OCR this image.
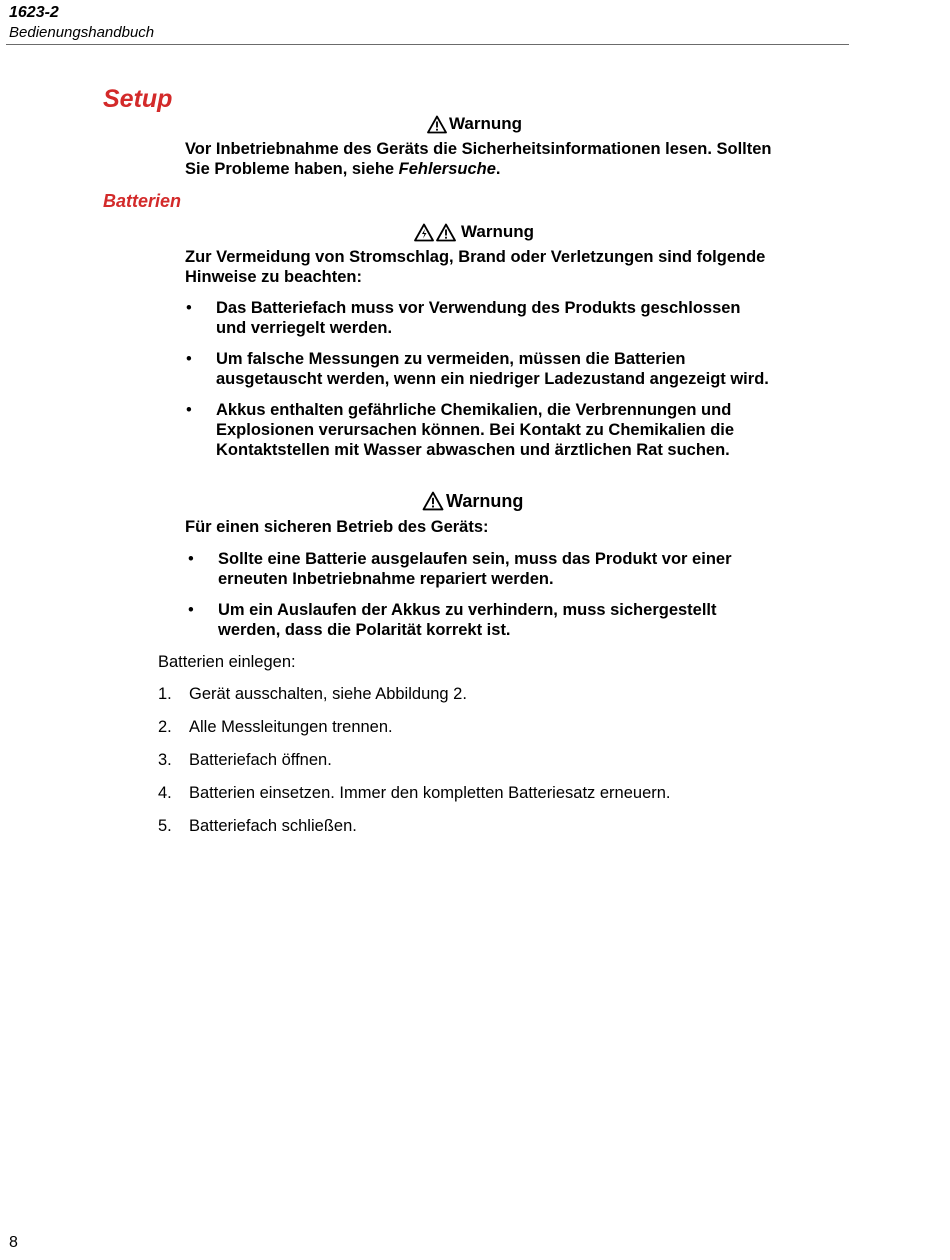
1623-2
Bedienungshandbuch
Setup
Warnung

Vor Inbetriebnahme des Geräts die Sicherheitsinformationen lesen. Sollten Sie Probleme haben, siehe Fehlersuche.

Batterien
Warnung
Zur Vermeidung von Stromschlag, Brand oder Verletzungen sind folgende Hinweise zu beachten:
• Das Batteriefach muss vor Verwendung des Produkts geschlossen und verriegelt werden.
• Um falsche Messungen zu vermeiden, müssen die Batterien ausgetauscht werden, wenn ein niedriger Ladezustand angezeigt wird.
• Akkus enthalten gefährliche Chemikalien, die Verbrennungen und Explosionen verursachen können. Bei Kontakt zu Chemikalien die Kontaktstellen mit Wasser abwaschen und ärztlichen Rat suchen.
Warnung
Für einen sicheren Betrieb des Geräts:
• Sollte eine Batterie ausgelaufen sein, muss das Produkt vor einer erneuten Inbetriebnahme repariert werden.
• Um ein Auslaufen der Akkus zu verhindern, muss sichergestellt werden, dass die Polarität korrekt ist.
Batterien einlegen:
1. Gerät ausschalten, siehe Abbildung 2.
2. Alle Messleitungen trennen.
3. Batteriefach öffnen.
4. Batterien einsetzen. Immer den kompletten Batteriesatz erneuern.
5. Batteriefach schließen.
8
